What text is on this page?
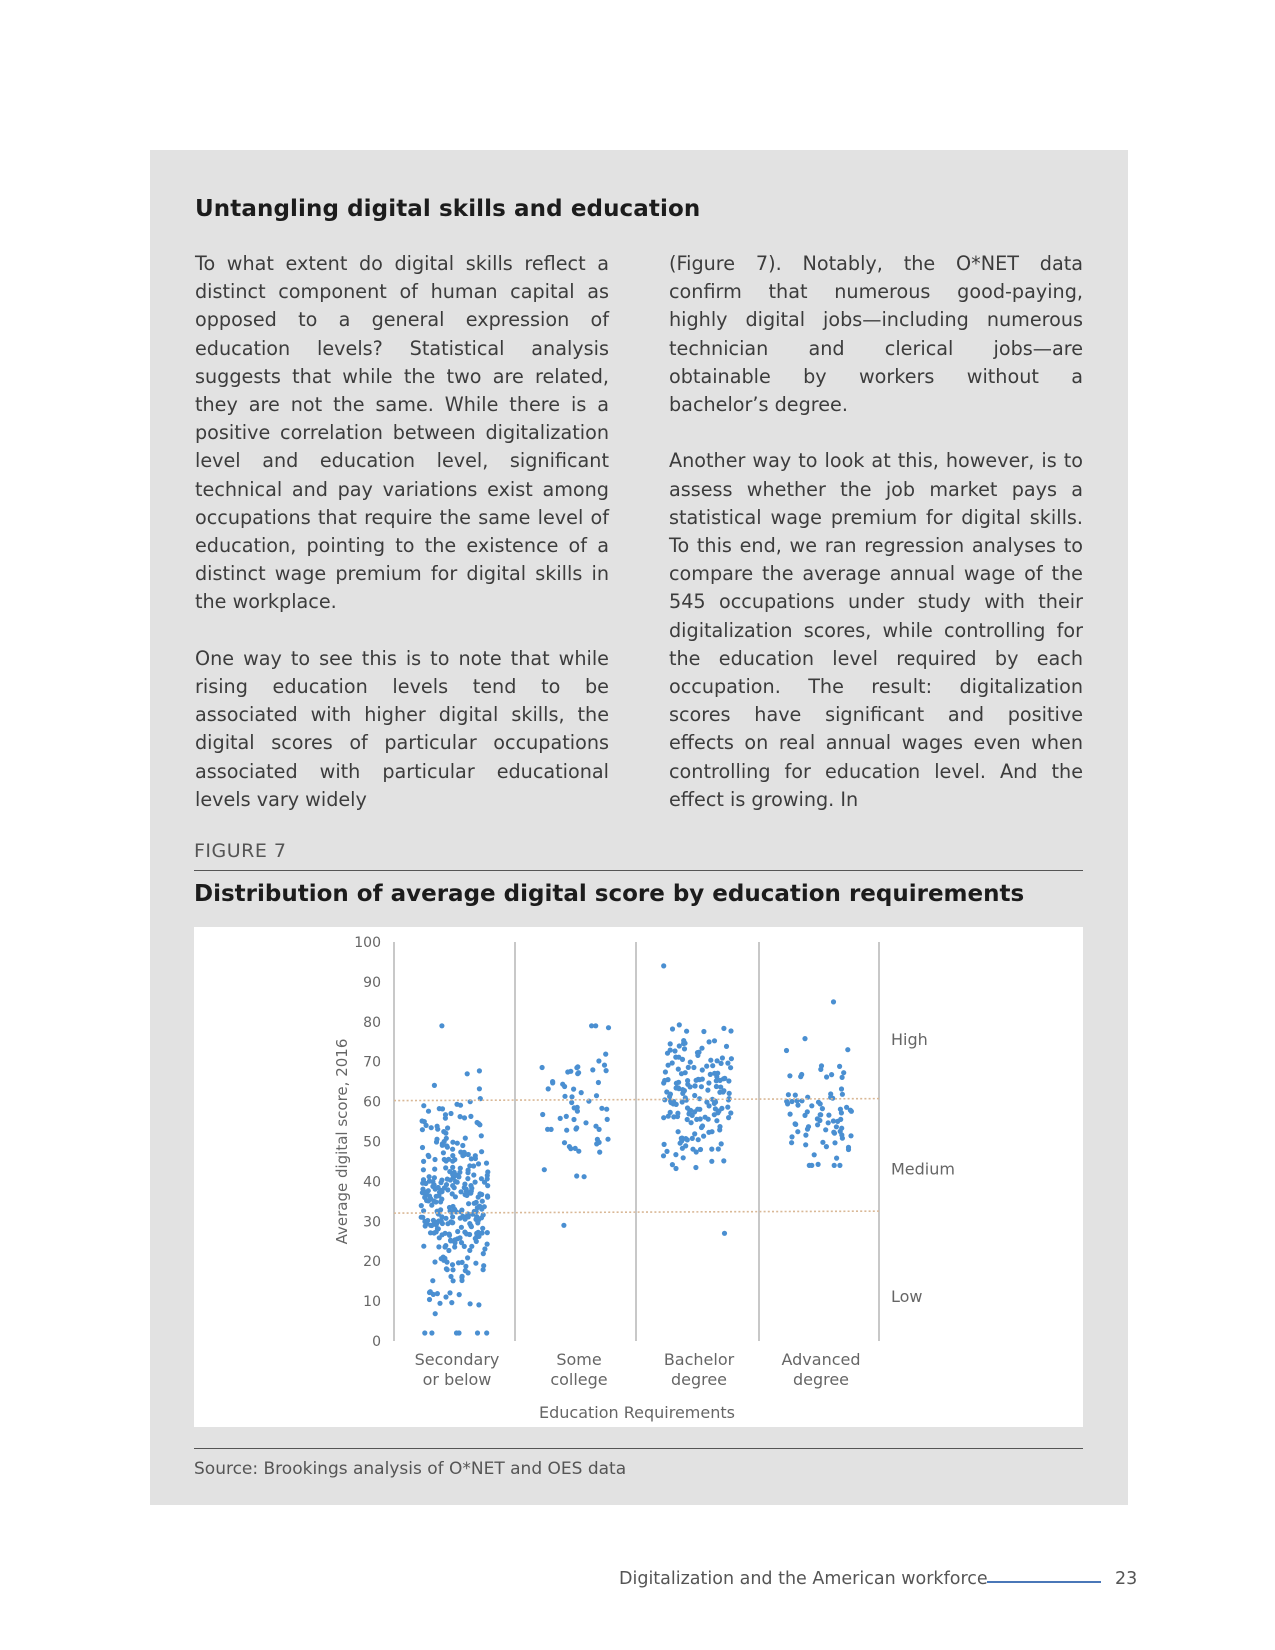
Untangling digital skills and education

To what extent do digital skills reflect a distinct component of human capital as opposed to a general expression of education levels? Statistical analysis suggests that while the two are related, they are not the same. While there is a positive correlation between digitalization level and education level, significant technical and pay variations exist among occupations that require the same level of education, pointing to the existence of a distinct wage premium for digital skills in the workplace.

One way to see this is to note that while rising education levels tend to be associated with higher digital skills, the digital scores of particular occupations associated with particular educational levels vary widely

(Figure 7). Notably, the O*NET data confirm that numerous good-paying, highly digital jobs—including numerous technician and clerical jobs—are obtainable by workers without a bachelor’s degree.

Another way to look at this, however, is to assess whether the job market pays a statistical wage premium for digital skills. To this end, we ran regression analyses to compare the average annual wage of the 545 occupations under study with their digitalization scores, while controlling for the education level required by each occupation. The result: digitalization scores have significant and positive effects on real annual wages even when controlling for education level. And the effect is growing. In

FIGURE 7
Distribution of average digital score by education requirements
0
10
20
30
40
50
60
70
80
90
100
Average digital score, 2016
Secondary
or below
Some
college
Bachelor
degree
Advanced
degree
Education Requirements
High
Medium
Low
Source: Brookings analysis of O*NET and OES data
Digitalization and the American workforce	23
